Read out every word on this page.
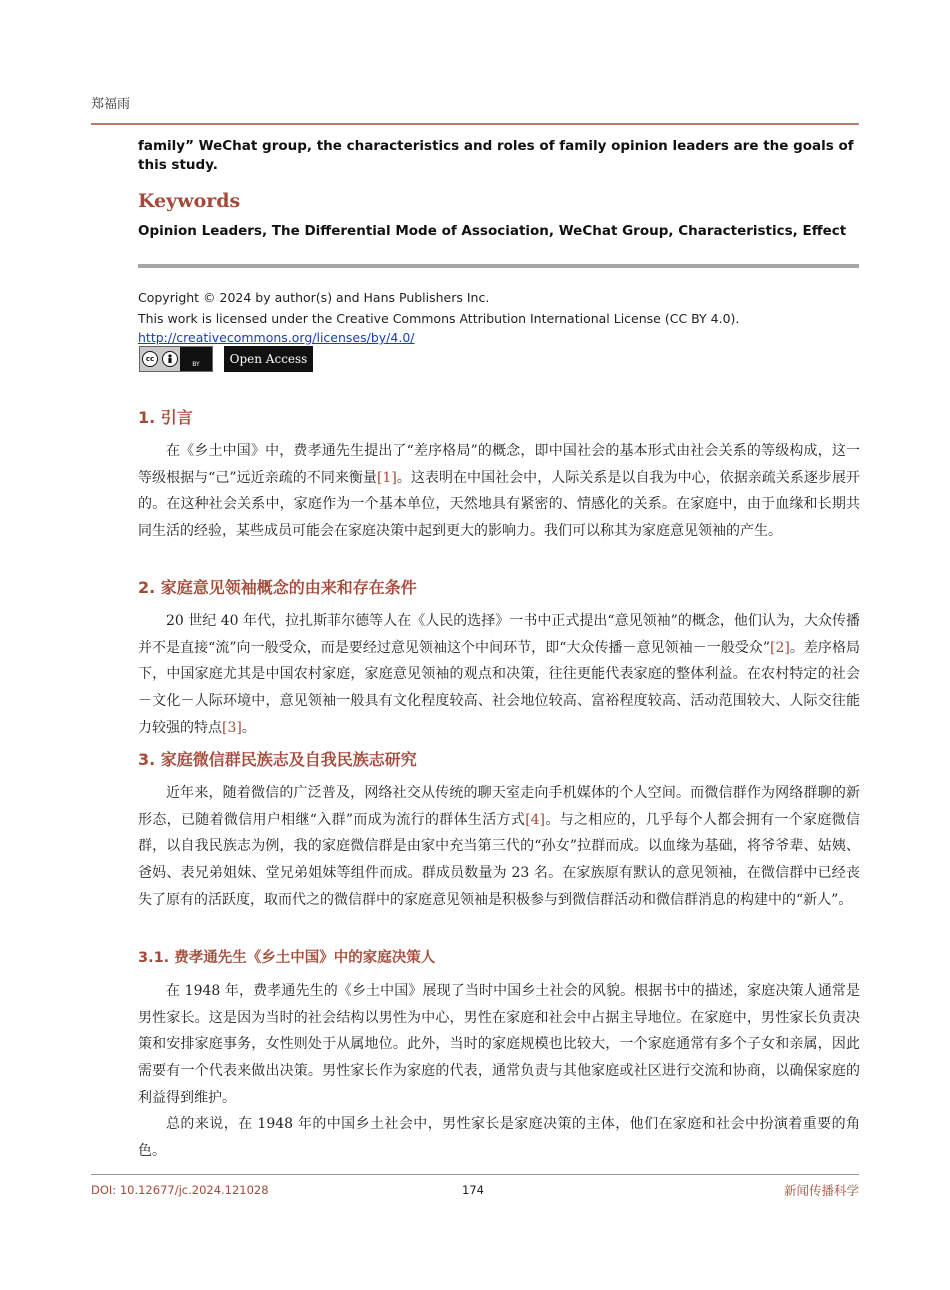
郑福雨
family” WeChat group, the characteristics and roles of family opinion leaders are the goals of this study.
Keywords
Opinion Leaders, The Differential Mode of Association, WeChat Group, Characteristics, Effect
Copyright © 2024 by author(s) and Hans Publishers Inc.
This work is licensed under the Creative Commons Attribution International License (CC BY 4.0).
http://creativecommons.org/licenses/by/4.0/
cc
BY	Open Access
1. 引言

在《乡土中国》中，费孝通先生提出了“差序格局”的概念，即中国社会的基本形式由社会关系的等级构成，这一等级根据与“己”远近亲疏的不同来衡量[1]。这表明在中国社会中，人际关系是以自我为中心，依据亲疏关系逐步展开的。在这种社会关系中，家庭作为一个基本单位，天然地具有紧密的、情感化的关系。在家庭中，由于血缘和长期共同生活的经验，某些成员可能会在家庭决策中起到更大的影响力。我们可以称其为家庭意见领袖的产生。

2. 家庭意见领袖概念的由来和存在条件

20 世纪 40 年代，拉扎斯菲尔德等人在《人民的选择》一书中正式提出“意见领袖”的概念，他们认为，大众传播并不是直接“流”向一般受众，而是要经过意见领袖这个中间环节，即“大众传播－意见领袖－一般受众”[2]。差序格局下，中国家庭尤其是中国农村家庭，家庭意见领袖的观点和决策，往往更能代表家庭的整体利益。在农村特定的社会－文化－人际环境中，意见领袖一般具有文化程度较高、社会地位较高、富裕程度较高、活动范围较大、人际交往能力较强的特点[3]。

3. 家庭微信群民族志及自我民族志研究

近年来，随着微信的广泛普及，网络社交从传统的聊天室走向手机媒体的个人空间。而微信群作为网络群聊的新形态，已随着微信用户相继“入群”而成为流行的群体生活方式[4]。与之相应的，几乎每个人都会拥有一个家庭微信群，以自我民族志为例，我的家庭微信群是由家中充当第三代的“孙女”拉群而成。以血缘为基础，将爷爷辈、姑姨、爸妈、表兄弟姐妹、堂兄弟姐妹等组件而成。群成员数量为 23 名。在家族原有默认的意见领袖，在微信群中已经丧失了原有的活跃度，取而代之的微信群中的家庭意见领袖是积极参与到微信群活动和微信群消息的构建中的“新人”。

3.1. 费孝通先生《乡土中国》中的家庭决策人

在 1948 年，费孝通先生的《乡土中国》展现了当时中国乡土社会的风貌。根据书中的描述，家庭决策人通常是男性家长。这是因为当时的社会结构以男性为中心，男性在家庭和社会中占据主导地位。在家庭中，男性家长负责决策和安排家庭事务，女性则处于从属地位。此外，当时的家庭规模也比较大，一个家庭通常有多个子女和亲属，因此需要有一个代表来做出决策。男性家长作为家庭的代表，通常负责与其他家庭或社区进行交流和协商，以确保家庭的利益得到维护。

总的来说，在 1948 年的中国乡土社会中，男性家长是家庭决策的主体，他们在家庭和社会中扮演着重要的角色。

DOI: 10.12677/jc.2024.121028	174	新闻传播科学
